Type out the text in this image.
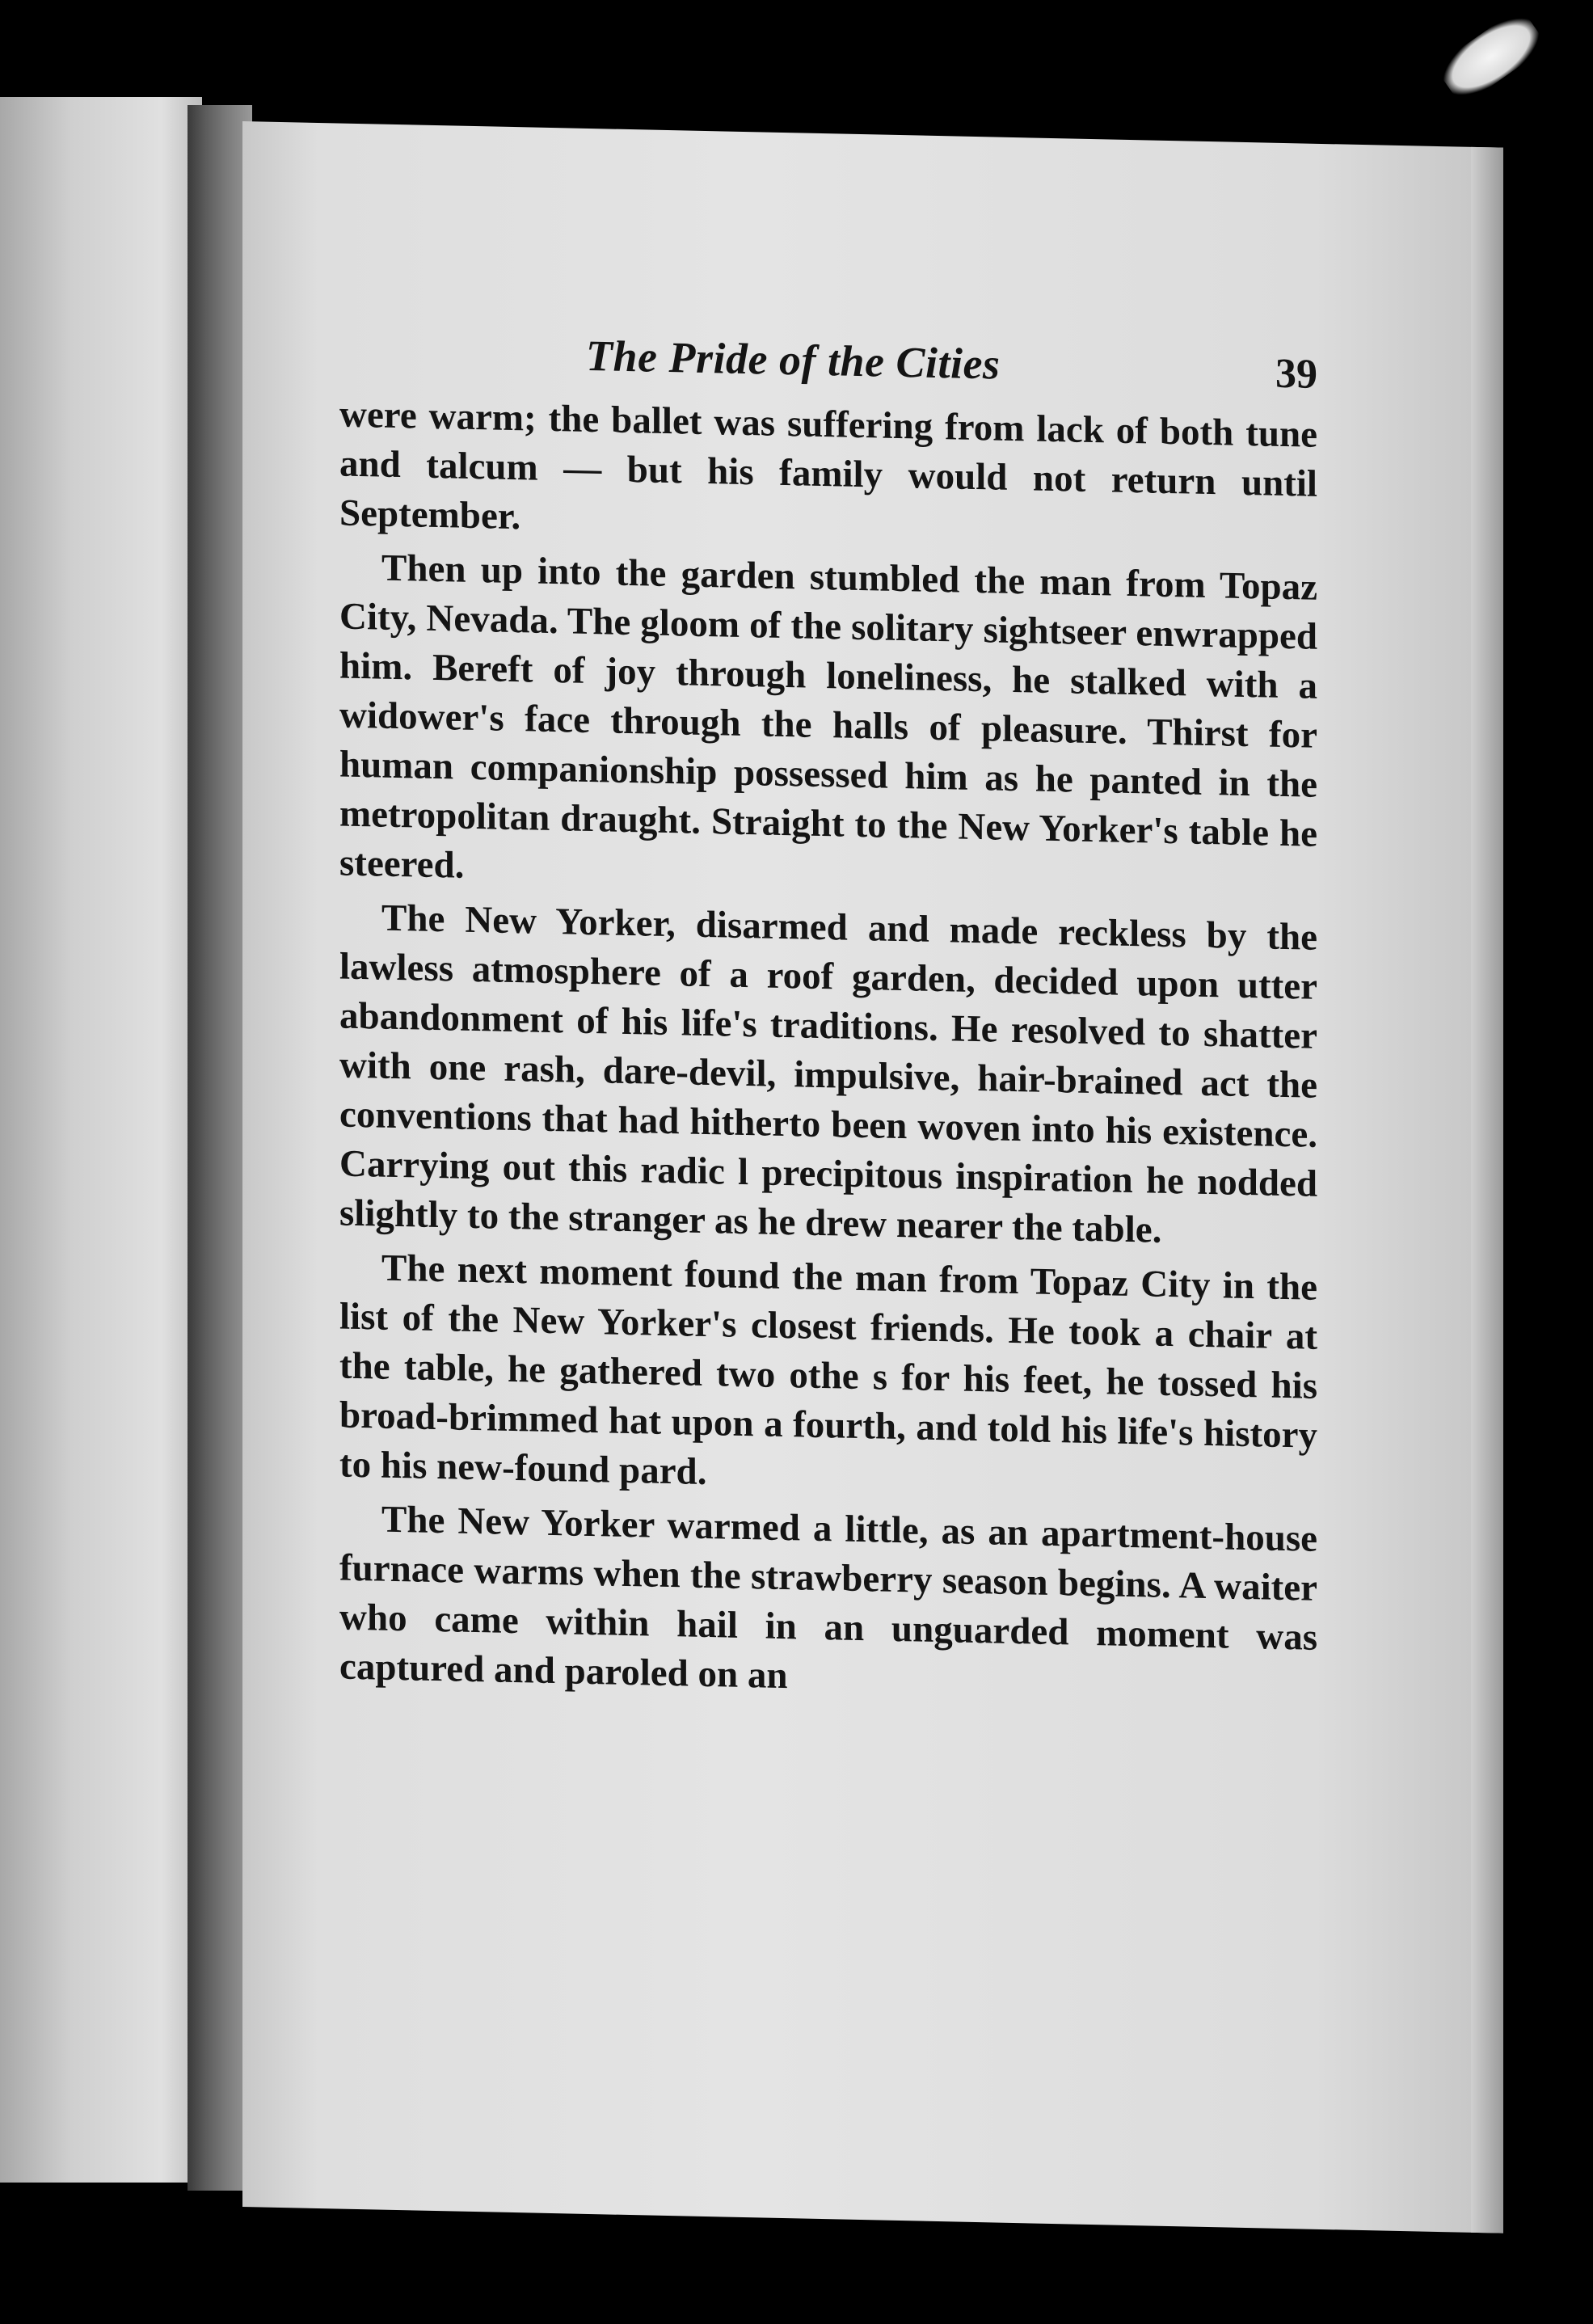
The Pride of the Cities	39

were warm; the ballet was suffering from lack of both tune and talcum — but his family would not return until September.

Then up into the garden stumbled the man from Topaz City, Nevada. The gloom of the solitary sightseer enwrapped him. Bereft of joy through loneliness, he stalked with a widower's face through the halls of pleasure. Thirst for human companionship possessed him as he panted in the metropolitan draught. Straight to the New Yorker's table he steered.

The New Yorker, disarmed and made reckless by the lawless atmosphere of a roof garden, decided upon utter abandonment of his life's traditions. He resolved to shatter with one rash, dare-devil, impulsive, hair-brained act the conventions that had hitherto been woven into his existence. Carrying out this radic l precipitous inspiration he nodded slightly to the stranger as he drew nearer the table.

The next moment found the man from Topaz City in the list of the New Yorker's closest friends. He took a chair at the table, he gathered two othe s for his feet, he tossed his broad-brimmed hat upon a fourth, and told his life's history to his new-found pard.

The New Yorker warmed a little, as an apartment-house furnace warms when the strawberry season begins. A waiter who came within hail in an unguarded moment was captured and paroled on an
